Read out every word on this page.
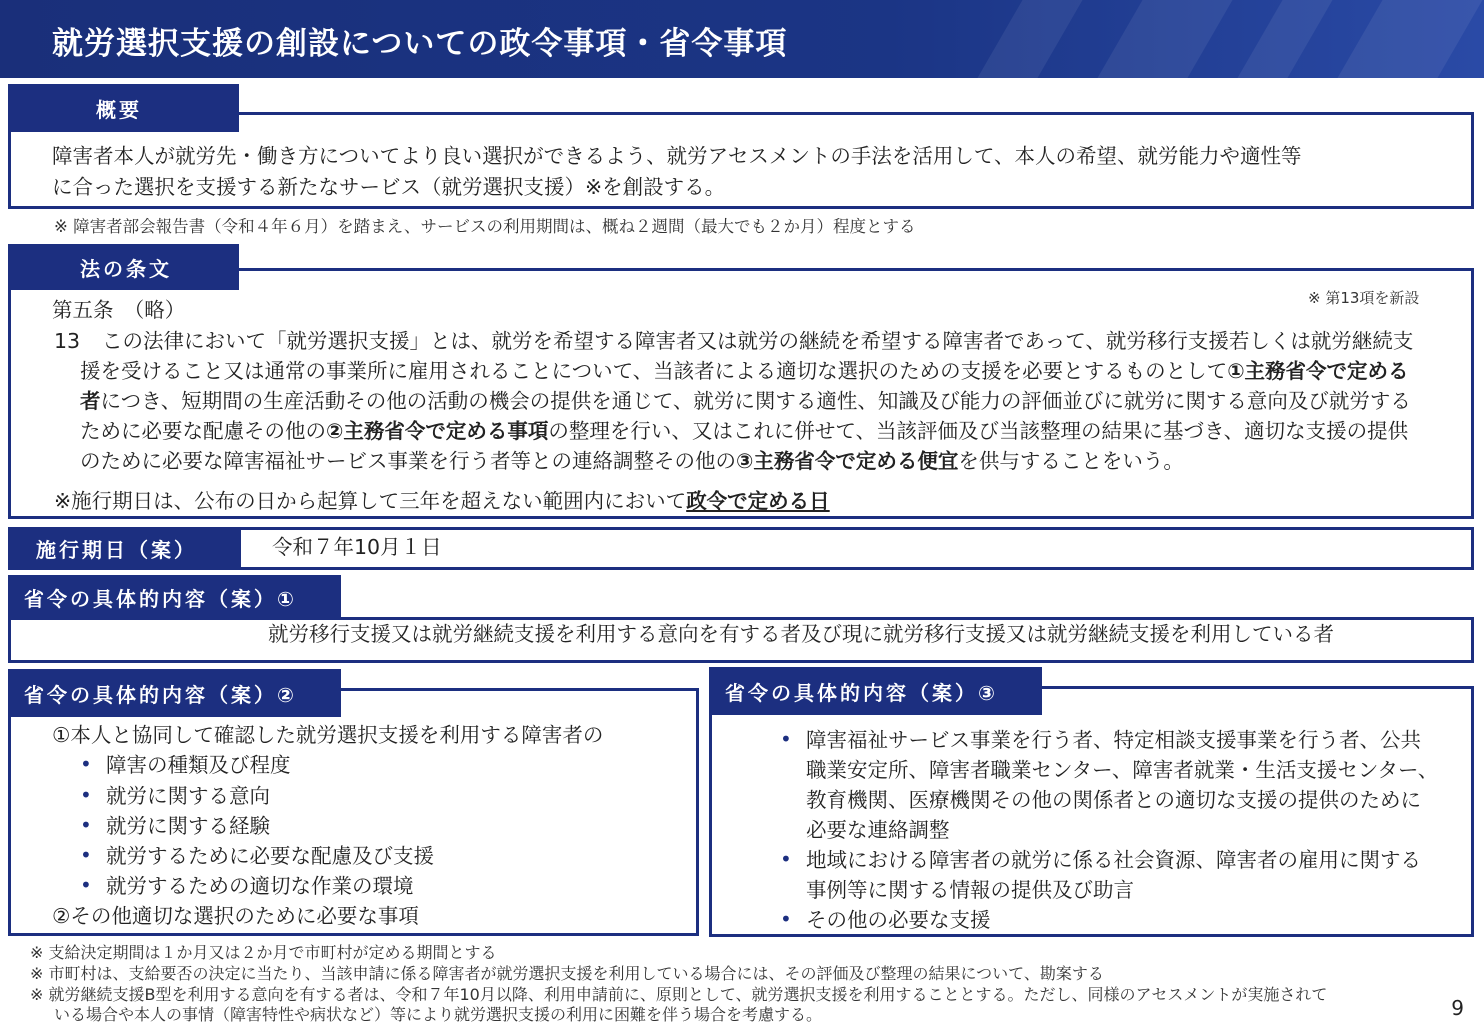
就労選択支援の創設についての政令事項・省令事項
概要
障害者本人が就労先・働き方についてより良い選択ができるよう、就労アセスメントの手法を活用して、本人の希望、就労能力や適性等
に合った選択を支援する新たなサービス（就労選択支援）※を創設する。
※ 障害者部会報告書（令和４年６月）を踏まえ、サービスの利用期間は、概ね２週間（最大でも２か月）程度とする
法の条文
第五条　（略）	※ 第13項を新設
13 この法律において「就労選択支援」とは、就労を希望する障害者又は就労の継続を希望する障害者であって、就労移行支援若しくは就労継続支
援を受けること又は通常の事業所に雇用されることについて、当該者による適切な選択のための支援を必要とするものとして①主務省令で定める
者につき、短期間の生産活動その他の活動の機会の提供を通じて、就労に関する適性、知識及び能力の評価並びに就労に関する意向及び就労する
ために必要な配慮その他の②主務省令で定める事項の整理を行い、又はこれに併せて、当該評価及び当該整理の結果に基づき、適切な支援の提供
のために必要な障害福祉サービス事業を行う者等との連絡調整その他の③主務省令で定める便宜を供与することをいう。
※施行期日は、公布の日から起算して三年を超えない範囲内において政令で定める日
施行期日（案）	令和７年10月１日
省令の具体的内容（案）①
就労移行支援又は就労継続支援を利用する意向を有する者及び現に就労移行支援又は就労継続支援を利用している者
省令の具体的内容（案）②
①本人と協同して確認した就労選択支援を利用する障害者の
• 障害の種類及び程度
• 就労に関する意向
• 就労に関する経験
• 就労するために必要な配慮及び支援
• 就労するための適切な作業の環境
②その他適切な選択のために必要な事項
省令の具体的内容（案）③
• 障害福祉サービス事業を行う者、特定相談支援事業を行う者、公共
職業安定所、障害者職業センター、障害者就業・生活支援センター、
教育機関、医療機関その他の関係者との適切な支援の提供のために
必要な連絡調整
• 地域における障害者の就労に係る社会資源、障害者の雇用に関する
事例等に関する情報の提供及び助言
• その他の必要な支援
※ 支給決定期間は１か月又は２か月で市町村が定める期間とする
※ 市町村は、支給要否の決定に当たり、当該申請に係る障害者が就労選択支援を利用している場合には、その評価及び整理の結果について、勘案する
※ 就労継続支援B型を利用する意向を有する者は、令和７年10月以降、利用申請前に、原則として、就労選択支援を利用することとする。ただし、同様のアセスメントが実施されて
いる場合や本人の事情（障害特性や病状など）等により就労選択支援の利用に困難を伴う場合を考慮する。	9
